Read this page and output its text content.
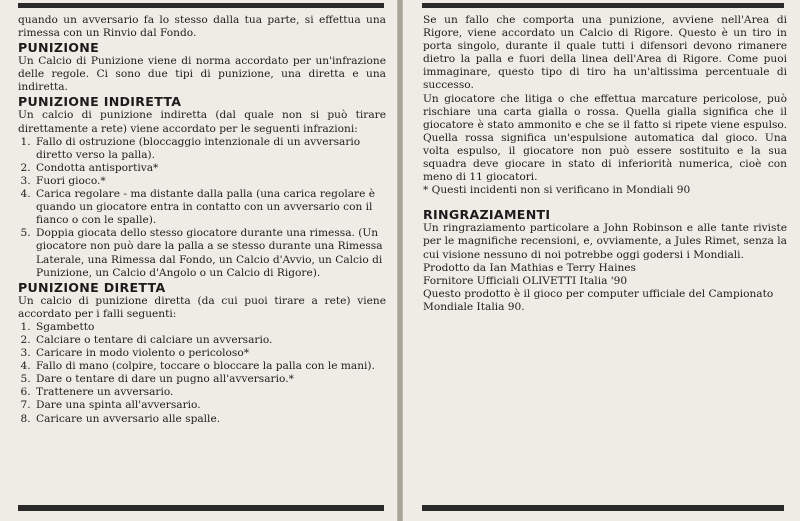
quando un avversario fa lo stesso dalla tua parte, si effettua una rimessa con un Rinvio dal Fondo.

PUNIZIONE

Un Calcio di Punizione viene di norma accordato per un'infrazione delle regole. Ci sono due tipi di punizione, una diretta e una indiretta.

PUNIZIONE INDIRETTA

Un calcio di punizione indiretta (dal quale non si può tirare direttamente a rete) viene accordato per le seguenti infrazioni:

1. Fallo di ostruzione (bloccaggio intenzionale di un avversario diretto verso la palla).
2. Condotta antisportiva*
3. Fuori gioco.*
4. Carica regolare - ma distante dalla palla (una carica regolare è quando un giocatore entra in contatto con un avversario con il fianco o con le spalle).
5. Doppia giocata dello stesso giocatore durante una rimessa. (Un giocatore non può dare la palla a se stesso durante una Rimessa Laterale, una Rimessa dal Fondo, un Calcio d'Avvio, un Calcio di Punizione, un Calcio d'Angolo o un Calcio di Rigore).
PUNIZIONE DIRETTA

Un calcio di punizione diretta (da cui puoi tirare a rete) viene accordato per i falli seguenti:

1. Sgambetto
2. Calciare o tentare di calciare un avversario.
3. Caricare in modo violento o pericoloso*
4. Fallo di mano (colpire, toccare o bloccare la palla con le mani).
5. Dare o tentare di dare un pugno all'avversario.*
6. Trattenere un avversario.
7. Dare una spinta all'avversario.
8. Caricare un avversario alle spalle.

Se un fallo che comporta una punizione, avviene nell'Area di Rigore, viene accordato un Calcio di Rigore. Questo è un tiro in porta singolo, durante il quale tutti i difensori devono rimanere dietro la palla e fuori della linea dell'Area di Rigore. Come puoi immaginare, questo tipo di tiro ha un'altissima percentuale di successo.

Un giocatore che litiga o che effettua marcature pericolose, può rischiare una carta gialla o rossa. Quella gialla significa che il giocatore è stato ammonito e che se il fatto si ripete viene espulso. Quella rossa significa un'espulsione automatica dal gioco. Una volta espulso, il giocatore non può essere sostituito e la sua squadra deve giocare in stato di inferiorità numerica, cioè con meno di 11 giocatori.

* Questi incidenti non si verificano in Mondiali 90

RINGRAZIAMENTI

Un ringraziamento particolare a John Robinson e alle tante riviste per le magnifiche recensioni, e, ovviamente, a Jules Rimet, senza la cui visione nessuno di noi potrebbe oggi godersi i Mondiali.

Prodotto da Ian Mathias e Terry Haines

Fornitore Ufficiali OLIVETTI Italia '90

Questo prodotto è il gioco per computer ufficiale del Campionato Mondiale Italia 90.
